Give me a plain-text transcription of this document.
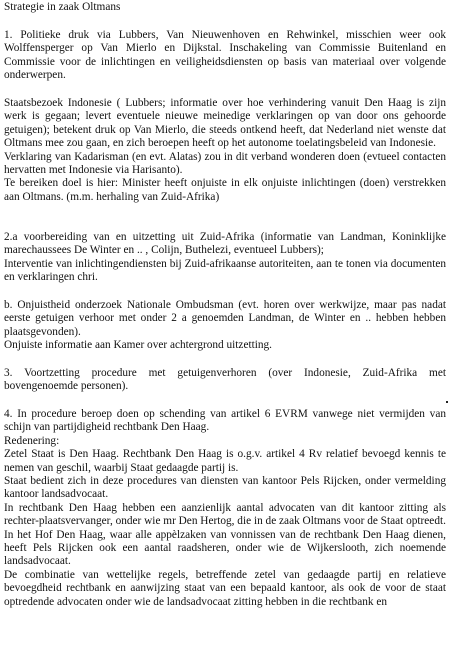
Strategie in zaak Oltmans

1. Politieke druk via Lubbers, Van Nieuwenhoven en Rehwinkel, misschien weer ook Wolffensperger op Van Mierlo en Dijkstal. Inschakeling van Commissie Buitenland en Commissie voor de inlichtingen en veiligheidsdiensten op basis van materiaal over volgende onderwerpen.

Staatsbezoek Indonesie ( Lubbers; informatie over hoe verhindering vanuit Den Haag is zijn werk is gegaan; levert eventuele nieuwe meinedige verklaringen op van door ons gehoorde getuigen); betekent druk op Van Mierlo, die steeds ontkend heeft, dat Nederland niet wenste dat Oltmans mee zou gaan, en zich beroepen heeft op het autonome toelatingsbeleid van Indonesie.

Verklaring van Kadarisman (en evt. Alatas) zou in dit verband wonderen doen (evtueel contacten hervatten met Indonesie via Harisanto).

Te bereiken doel is hier: Minister heeft onjuiste in elk onjuiste inlichtingen (doen) verstrekken aan Oltmans. (m.m. herhaling van Zuid-Afrika)

2.a voorbereiding van en uitzetting uit Zuid-Afrika (informatie van Landman, Koninklijke marechaussees De Winter en .. , Colijn, Buthelezi, eventueel Lubbers);

Interventie van inlichtingendiensten bij Zuid-afrikaanse autoriteiten, aan te tonen via documenten en verklaringen chri.

b. Onjuistheid onderzoek Nationale Ombudsman (evt. horen over werkwijze, maar pas nadat eerste getuigen verhoor met onder 2 a genoemden Landman, de Winter en .. hebben hebben plaatsgevonden).

Onjuiste informatie aan Kamer over achtergrond uitzetting.

3. Voortzetting procedure met getuigenverhoren (over Indonesie, Zuid-Afrika met bovengenoemde personen).

4. In procedure beroep doen op schending van artikel 6 EVRM vanwege niet vermijden van schijn van partijdigheid rechtbank Den Haag.

Redenering:

Zetel Staat is Den Haag. Rechtbank Den Haag is o.g.v. artikel 4 Rv relatief bevoegd kennis te nemen van geschil, waarbij Staat gedaagde partij is.

Staat bedient zich in deze procedures van diensten van kantoor Pels Rijcken, onder vermelding kantoor landsadvocaat.

In rechtbank Den Haag hebben een aanzienlijk aantal advocaten van dit kantoor zitting als rechter-plaatsvervanger, onder wie mr Den Hertog, die in de zaak Oltmans voor de Staat optreedt.

In het Hof Den Haag, waar alle appèlzaken van vonnissen van de rechtbank Den Haag dienen, heeft Pels Rijcken ook een aantal raadsheren, onder wie de Wijkerslooth, zich noemende landsadvocaat.

De combinatie van wettelijke regels, betreffende zetel van gedaagde partij en relatieve bevoegdheid rechtbank en aanwijzing staat van een bepaald kantoor, als ook de voor de staat optredende advocaten onder wie de landsadvocaat zitting hebben in die rechtbank en
